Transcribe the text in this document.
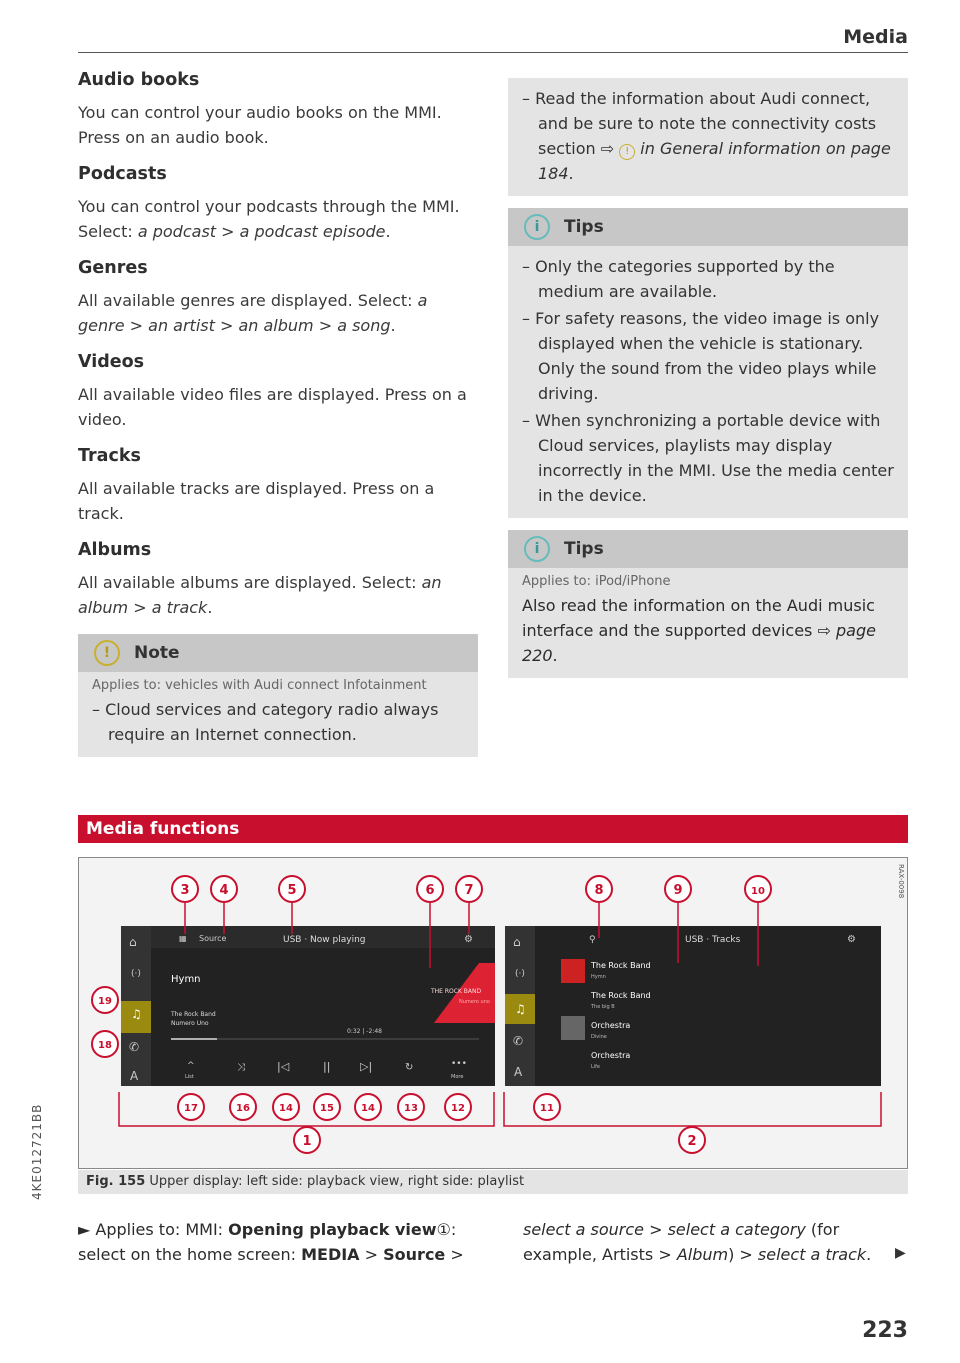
Media
Audio books

You can control your audio books on the MMI. Press on an audio book.

Podcasts

You can control your podcasts through the MMI. Select: a podcast > a podcast episode.

Genres

All available genres are displayed. Select: a genre > an artist > an album > a song.

Videos

All available video files are displayed. Press on a video.

Tracks

All available tracks are displayed. Press on a track.

Albums

All available albums are displayed. Select: an album > a track.

!	Note
Applies to: vehicles with Audi connect Infotainment
– Cloud services and category radio always require an Internet connection.
– Read the information about Audi connect, and be sure to note the connectivity costs section ⇨ ! in General information on page 184.
i	Tips
– Only the categories supported by the medium are available.
– For safety reasons, the video image is only displayed when the vehicle is stationary. Only the sound from the video plays while driving.
– When synchronizing a portable device with Cloud services, playlists may display incorrectly in the MMI. Use the media center in the device.
i	Tips
Applies to: iPod/iPhone
Also read the information on the Audi music interface and the supported devices ⇨ page 220.
Media functions
⌂
(·)
♫
✆
A
▦ Source	USB · Now playing	⚙
Hymn
The Rock Band
Numero Uno
THE ROCK BAND
Numero uno
0:32 | -2:48
^
List
⤨	|◁	||	▷|	↻	•••
More
⌂
(·)
♫
✆
A
⚲	USB · Tracks	⚙
The Rock Band
Hymn
The Rock Band
The big B
Orchestra
Divine
Orchestra
Life
RAX-0098
3 4	5	6 7	8	9	10
19
18
17	16	14	15	14	13	12	11
1	2
Fig. 155 Upper display: left side: playback view, right side: playlist
► Applies to: MMI: Opening playback view①: select on the home screen: MEDIA > Source >
select a source > select a category (for example, Artists > Album) > select a track.	▶
4KE012721BB
223
